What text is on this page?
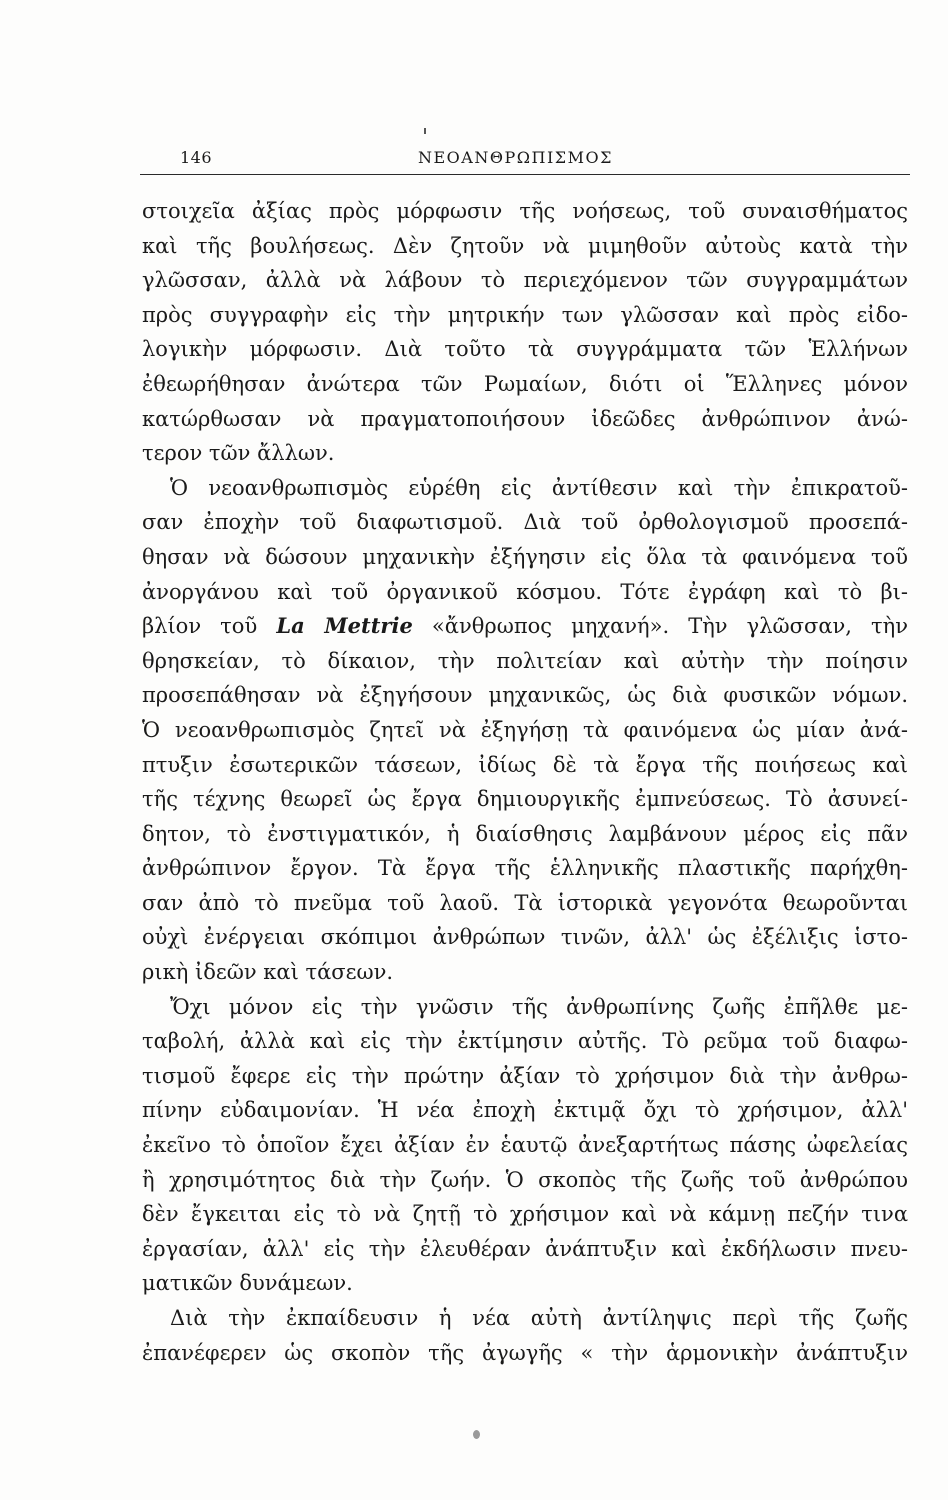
146	ΝΕΟΑΝΘΡΩΠΙΣΜΟΣ
στοιχεῖα ἀξίας πρὸς μόρφωσιν τῆς νοήσεως, τοῦ συναισθήματος
καὶ τῆς βουλήσεως. Δὲν ζητοῦν νὰ μιμηθοῦν αὐτοὺς κατὰ τὴν
γλῶσσαν, ἀλλὰ νὰ λάβουν τὸ περιεχόμενον τῶν συγγραμμάτων
πρὸς συγγραφὴν εἰς τὴν μητρικήν των γλῶσσαν καὶ πρὸς εἰδο-
λογικὴν μόρφωσιν. Διὰ τοῦτο τὰ συγγράμματα τῶν Ἑλλήνων
ἐθεωρήθησαν ἀνώτερα τῶν Ρωμαίων, διότι οἱ Ἕλληνες μόνον
κατώρθωσαν νὰ πραγματοποιήσουν ἰδεῶδες ἀνθρώπινον ἀνώ-
τερον τῶν ἄλλων.
Ὁ νεοανθρωπισμὸς εὑρέθη εἰς ἀντίθεσιν καὶ τὴν ἐπικρατοῦ-
σαν ἐποχὴν τοῦ διαφωτισμοῦ. Διὰ τοῦ ὀρθολογισμοῦ προσεπά-
θησαν νὰ δώσουν μηχανικὴν ἐξήγησιν εἰς ὅλα τὰ φαινόμενα τοῦ
ἀνοργάνου καὶ τοῦ ὀργανικοῦ κόσμου. Τότε ἐγράφη καὶ τὸ βι-
βλίον τοῦ La Mettrie «ἄνθρωπος μηχανή». Τὴν γλῶσσαν, τὴν
θρησκείαν, τὸ δίκαιον, τὴν πολιτείαν καὶ αὐτὴν τὴν ποίησιν
προσεπάθησαν νὰ ἐξηγήσουν μηχανικῶς, ὡς διὰ φυσικῶν νόμων.
Ὁ νεοανθρωπισμὸς ζητεῖ νὰ ἐξηγήσῃ τὰ φαινόμενα ὡς μίαν ἀνά-
πτυξιν ἐσωτερικῶν τάσεων, ἰδίως δὲ τὰ ἔργα τῆς ποιήσεως καὶ
τῆς τέχνης θεωρεῖ ὡς ἔργα δημιουργικῆς ἐμπνεύσεως. Τὸ ἀσυνεί-
δητον, τὸ ἐνστιγματικόν, ἡ διαίσθησις λαμβάνουν μέρος εἰς πᾶν
ἀνθρώπινον ἔργον. Τὰ ἔργα τῆς ἑλληνικῆς πλαστικῆς παρήχθη-
σαν ἀπὸ τὸ πνεῦμα τοῦ λαοῦ. Τὰ ἱστορικὰ γεγονότα θεωροῦνται
οὐχὶ ἐνέργειαι σκόπιμοι ἀνθρώπων τινῶν, ἀλλ' ὡς ἐξέλιξις ἱστο-
ρικὴ ἰδεῶν καὶ τάσεων.
Ὄχι μόνον εἰς τὴν γνῶσιν τῆς ἀνθρωπίνης ζωῆς ἐπῆλθε με-
ταβολή, ἀλλὰ καὶ εἰς τὴν ἐκτίμησιν αὐτῆς. Τὸ ρεῦμα τοῦ διαφω-
τισμοῦ ἔφερε εἰς τὴν πρώτην ἀξίαν τὸ χρήσιμον διὰ τὴν ἀνθρω-
πίνην εὐδαιμονίαν. Ἡ νέα ἐποχὴ ἐκτιμᾷ ὄχι τὸ χρήσιμον, ἀλλ'
ἐκεῖνο τὸ ὁποῖον ἔχει ἀξίαν ἐν ἑαυτῷ ἀνεξαρτήτως πάσης ὠφελείας
ἢ χρησιμότητος διὰ τὴν ζωήν. Ὁ σκοπὸς τῆς ζωῆς τοῦ ἀνθρώπου
δὲν ἔγκειται εἰς τὸ νὰ ζητῇ τὸ χρήσιμον καὶ νὰ κάμνῃ πεζήν τινα
ἐργασίαν, ἀλλ' εἰς τὴν ἐλευθέραν ἀνάπτυξιν καὶ ἐκδήλωσιν πνευ-
ματικῶν δυνάμεων.
Διὰ τὴν ἐκπαίδευσιν ἡ νέα αὐτὴ ἀντίληψις περὶ τῆς ζωῆς
ἐπανέφερεν ὡς σκοπὸν τῆς ἀγωγῆς « τὴν ἁρμονικὴν ἀνάπτυξιν
